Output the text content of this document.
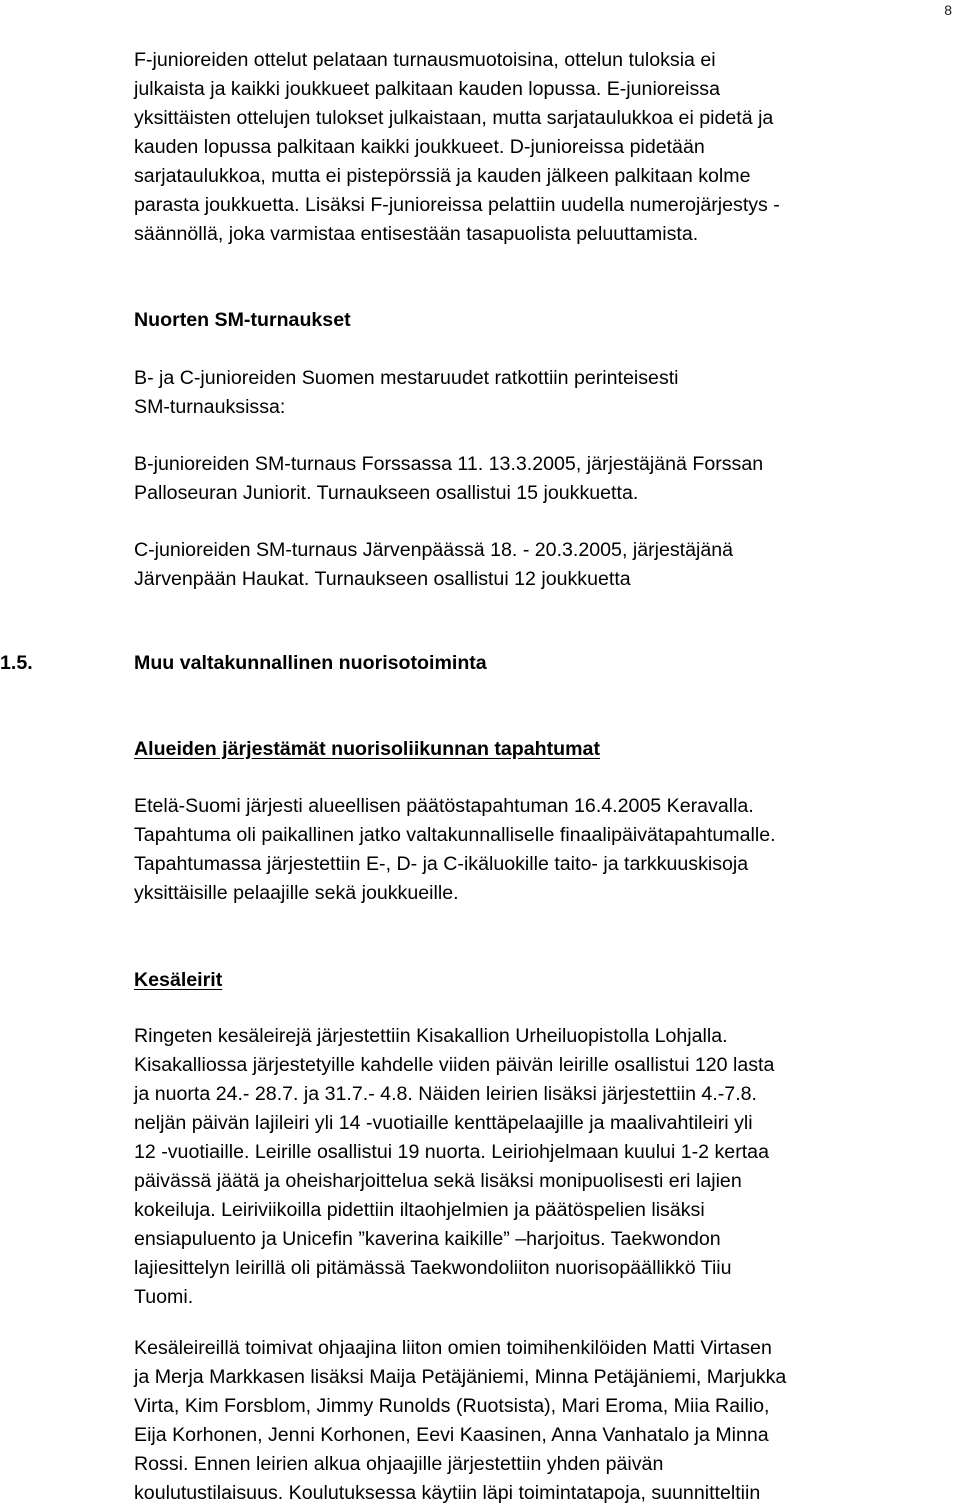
8
F-junioreiden ottelut pelataan turnausmuotoisina, ottelun tuloksia ei
julkaista ja kaikki joukkueet palkitaan kauden lopussa. E-junioreissa
yksittäisten ottelujen tulokset julkaistaan, mutta sarjataulukkoa ei pidetä ja
kauden lopussa palkitaan kaikki joukkueet. D-junioreissa pidetään
sarjataulukkoa, mutta ei pistepörssiä ja kauden jälkeen palkitaan kolme
parasta joukkuetta. Lisäksi F-junioreissa pelattiin uudella numerojärjestys -
säännöllä, joka varmistaa entisestään tasapuolista peluuttamista.
Nuorten SM-turnaukset
B- ja C-junioreiden Suomen mestaruudet ratkottiin perinteisesti
SM-turnauksissa:
B-junioreiden SM-turnaus Forssassa 11. 13.3.2005, järjestäjänä Forssan
Palloseuran Juniorit. Turnaukseen osallistui 15 joukkuetta.
C-junioreiden SM-turnaus Järvenpäässä 18. - 20.3.2005, järjestäjänä
Järvenpään Haukat. Turnaukseen osallistui 12 joukkuetta
1.5.	Muu valtakunnallinen nuorisotoiminta
Alueiden järjestämät nuorisoliikunnan tapahtumat
Etelä-Suomi järjesti alueellisen päätöstapahtuman 16.4.2005 Keravalla.
Tapahtuma oli paikallinen jatko valtakunnalliselle finaalipäivätapahtumalle.
Tapahtumassa järjestettiin E-, D- ja C-ikäluokille taito- ja tarkkuuskisoja
yksittäisille pelaajille sekä joukkueille.
Kesäleirit
Ringeten kesäleirejä järjestettiin Kisakallion Urheiluopistolla Lohjalla.
Kisakalliossa järjestetyille kahdelle viiden päivän leirille osallistui 120 lasta
ja nuorta 24.- 28.7. ja 31.7.- 4.8. Näiden leirien lisäksi järjestettiin 4.-7.8.
neljän päivän lajileiri yli 14 -vuotiaille kenttäpelaajille ja maalivahtileiri yli
12 -vuotiaille. Leirille osallistui 19 nuorta. Leiriohjelmaan kuului 1-2 kertaa
päivässä jäätä ja oheisharjoittelua sekä lisäksi monipuolisesti eri lajien
kokeiluja. Leiriviikoilla pidettiin iltaohjelmien ja päätöspelien lisäksi
ensiapuluento ja Unicefin ”kaverina kaikille” –harjoitus. Taekwondon
lajiesittelyn leirillä oli pitämässä Taekwondoliiton nuorisopäällikkö Tiiu
Tuomi.
Kesäleireillä toimivat ohjaajina liiton omien toimihenkilöiden Matti Virtasen
ja Merja Markkasen lisäksi Maija Petäjäniemi, Minna Petäjäniemi, Marjukka
Virta, Kim Forsblom, Jimmy Runolds (Ruotsista), Mari Eroma, Miia Railio,
Eija Korhonen, Jenni Korhonen, Eevi Kaasinen, Anna Vanhatalo ja Minna
Rossi. Ennen leirien alkua ohjaajille järjestettiin yhden päivän
koulutustilaisuus. Koulutuksessa käytiin läpi toimintatapoja, suunnitteltiin
